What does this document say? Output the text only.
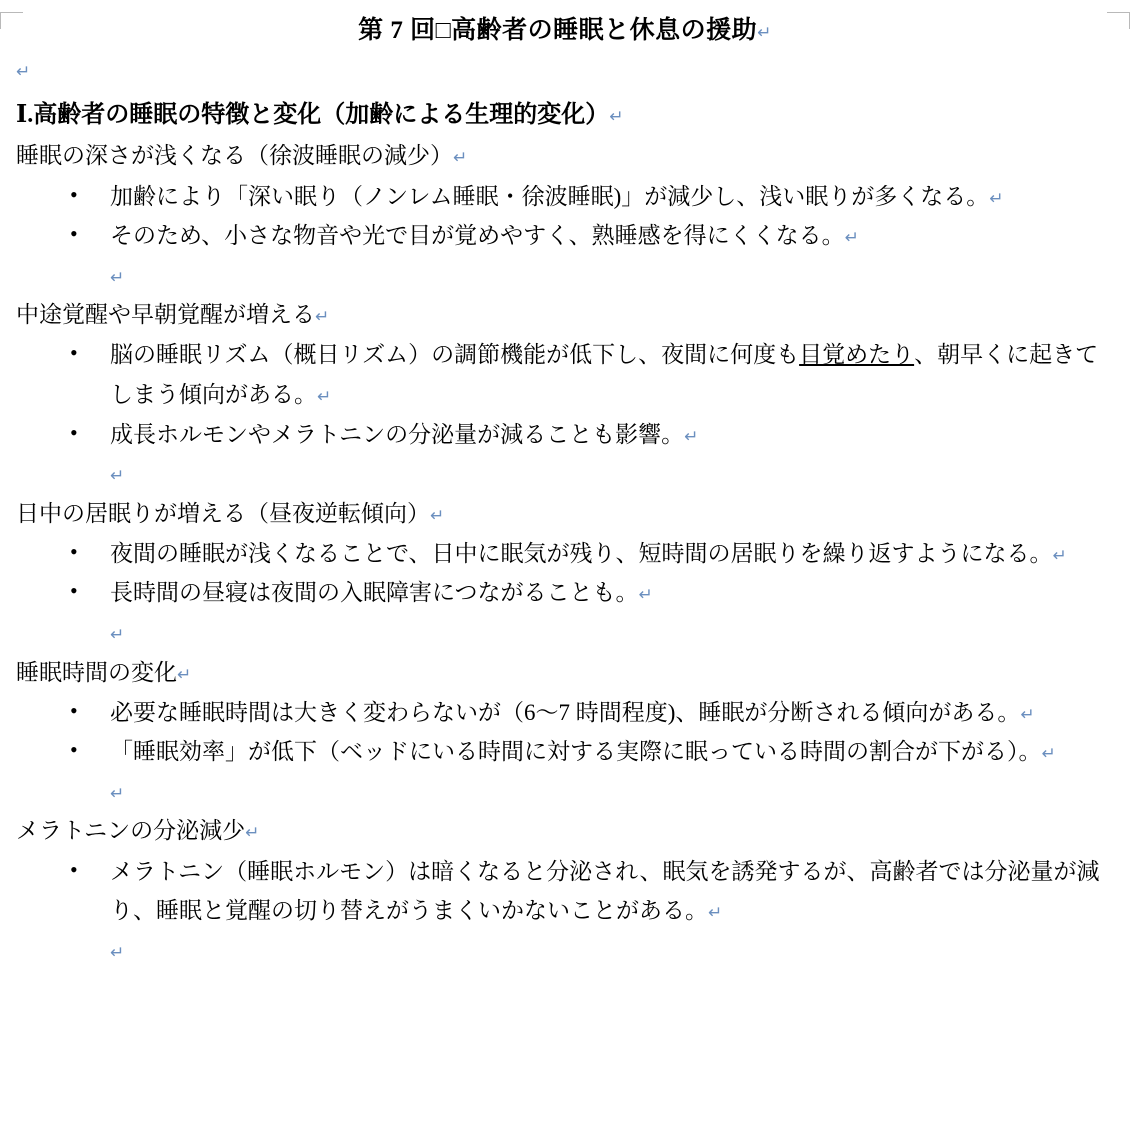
第 7 回□高齢者の睡眠と休息の援助↵

↵

Ⅰ.高齢者の睡眠の特徴と変化（加齢による生理的変化）↵

睡眠の深さが浅くなる（徐波睡眠の減少）↵

• 加齢により「深い眠り（ノンレム睡眠・徐波睡眠)」が減少し、浅い眠りが多くなる。↵
• そのため、小さな物音や光で目が覚めやすく、熟睡感を得にくくなる。↵

↵

中途覚醒や早朝覚醒が増える↵

• 脳の睡眠リズム（概日リズム）の調節機能が低下し、夜間に何度も目覚めたり、朝早くに起きてしまう傾向がある。↵
• 成長ホルモンやメラトニンの分泌量が減ることも影響。↵

↵

日中の居眠りが増える（昼夜逆転傾向）↵

• 夜間の睡眠が浅くなることで、日中に眠気が残り、短時間の居眠りを繰り返すようになる。↵
• 長時間の昼寝は夜間の入眠障害につながることも。↵

↵

睡眠時間の変化↵

• 必要な睡眠時間は大きく変わらないが（6～7 時間程度)、睡眠が分断される傾向がある。↵
• 「睡眠効率」が低下（ベッドにいる時間に対する実際に眠っている時間の割合が下がる）。↵

↵

メラトニンの分泌減少↵

• メラトニン（睡眠ホルモン）は暗くなると分泌され、眠気を誘発するが、高齢者では分泌量が減り、睡眠と覚醒の切り替えがうまくいかないことがある。↵

↵
